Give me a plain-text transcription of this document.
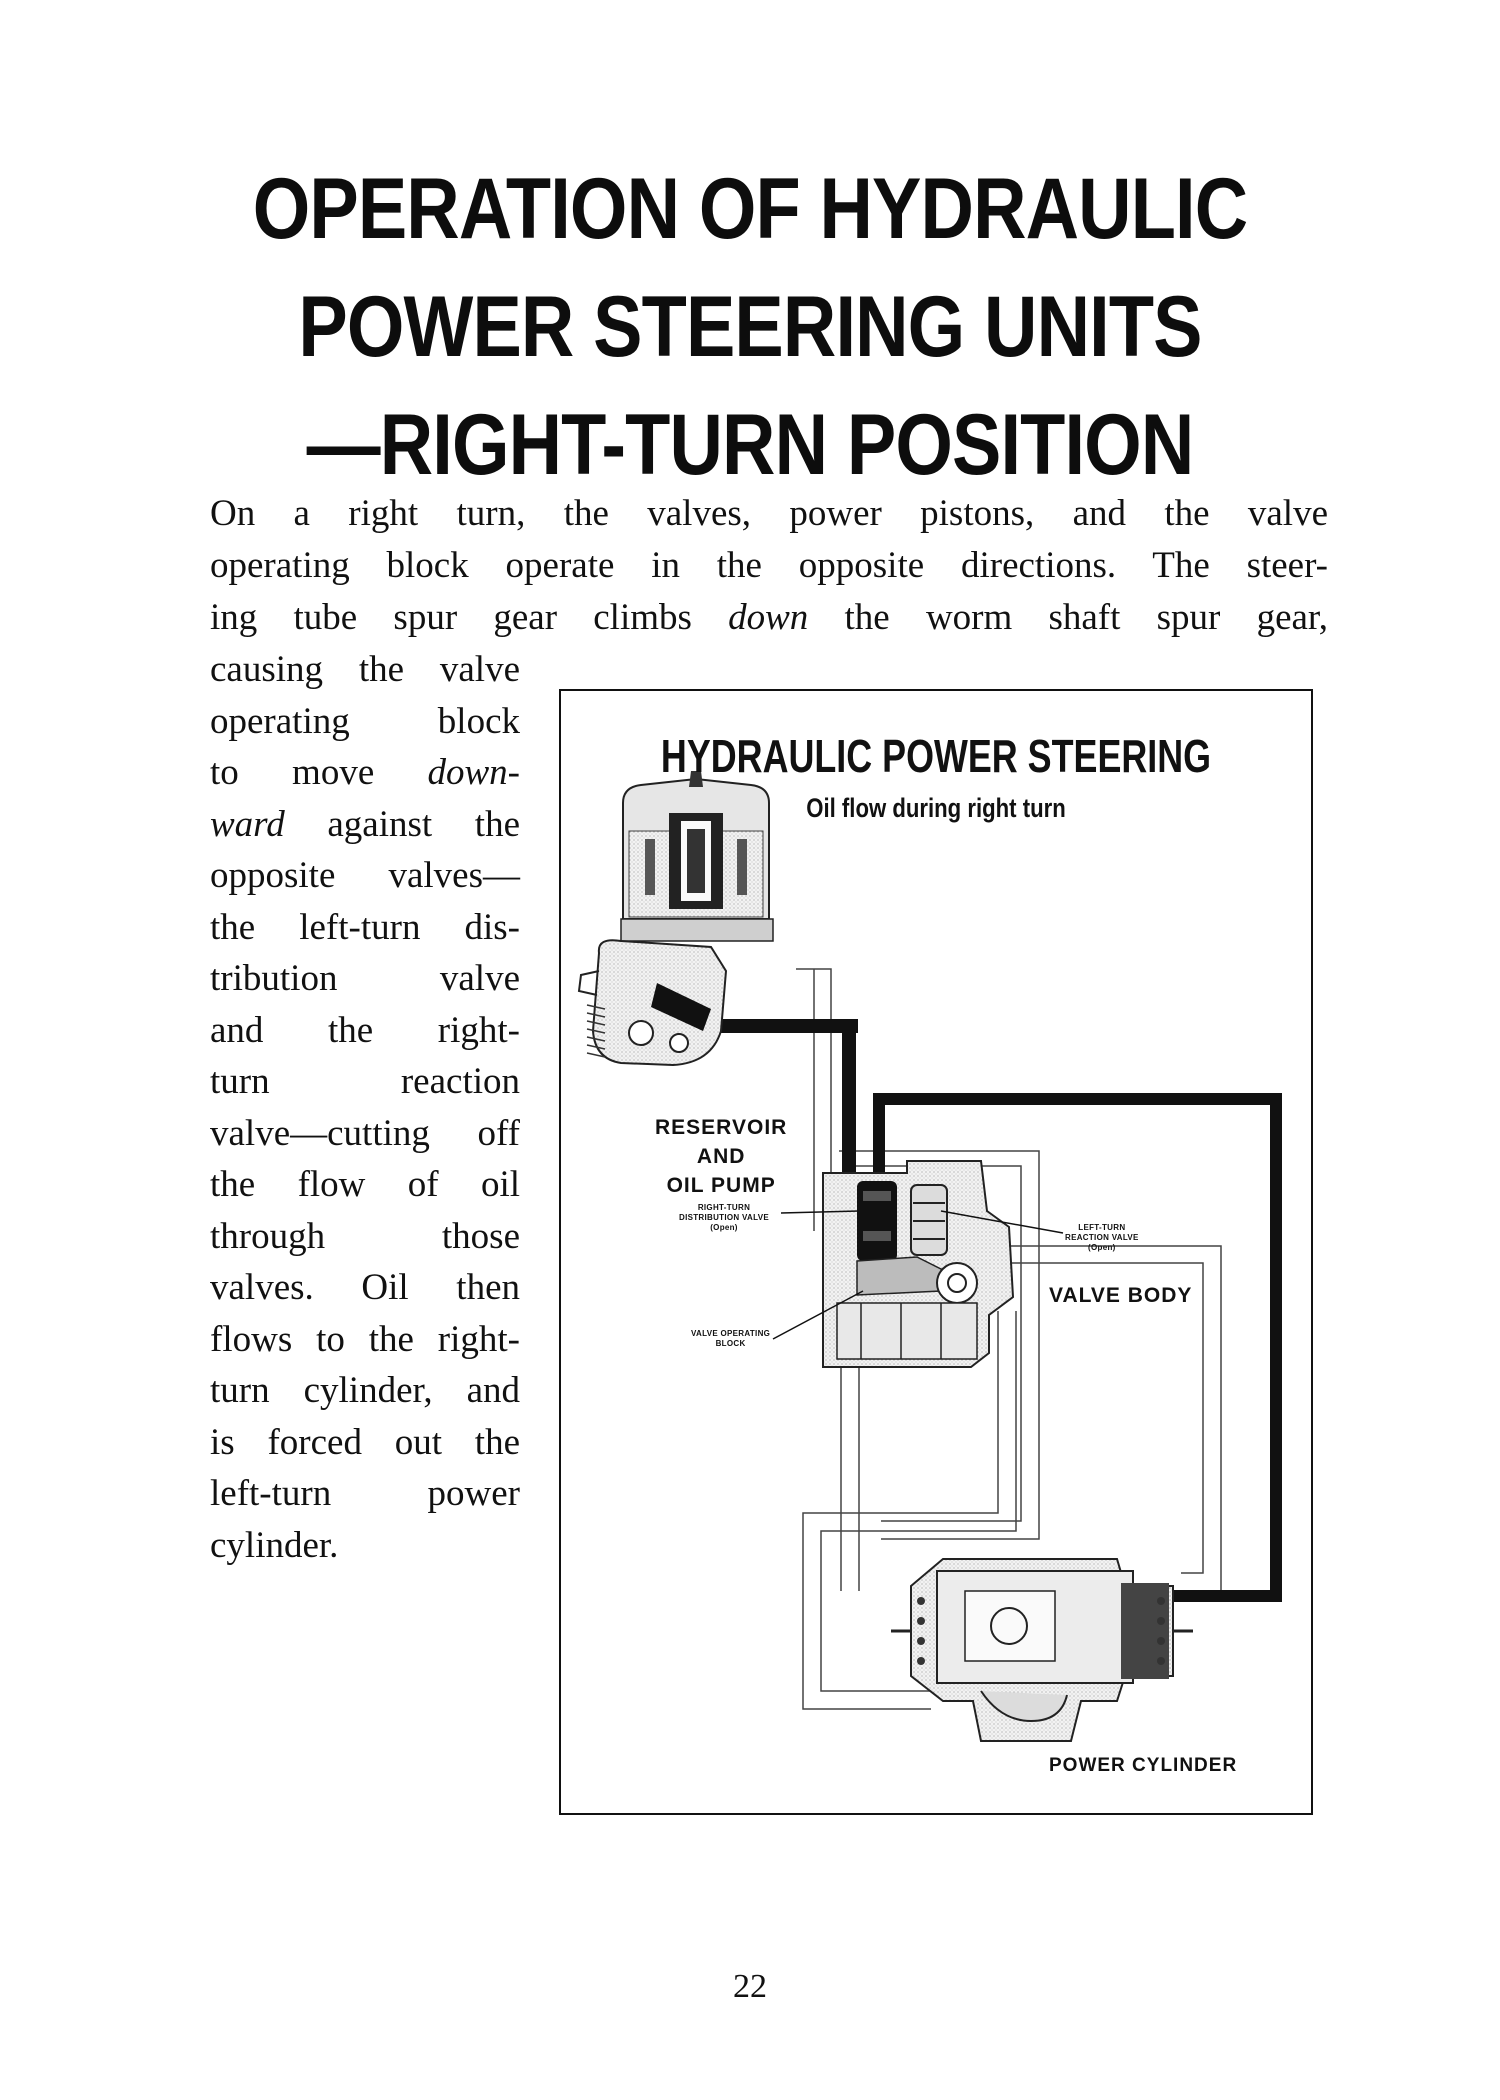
OPERATION OF HYDRAULIC
POWER STEERING UNITS
—RIGHT-TURN POSITION

On a right turn, the valves, power pistons, and the valve

operating block operate in the opposite directions. The steer-

ing tube spur gear climbs down the worm shaft spur gear,

causing the valve

operating block

to move down-

ward against the

opposite valves—

the left-turn dis-

tribution valve

and the right-

turn reaction

valve—cutting off

the flow of oil

through those

valves. Oil then

flows to the right-

turn cylinder, and

is forced out the

left-turn power

cylinder.

HYDRAULIC POWER STEERING
Oil flow during right turn
RESERVOIR
AND
OIL PUMP
RIGHT-TURN
DISTRIBUTION VALVE
(Open)
VALVE OPERATING
BLOCK
LEFT-TURN
REACTION VALVE
(Open)
VALVE BODY
POWER CYLINDER
22
